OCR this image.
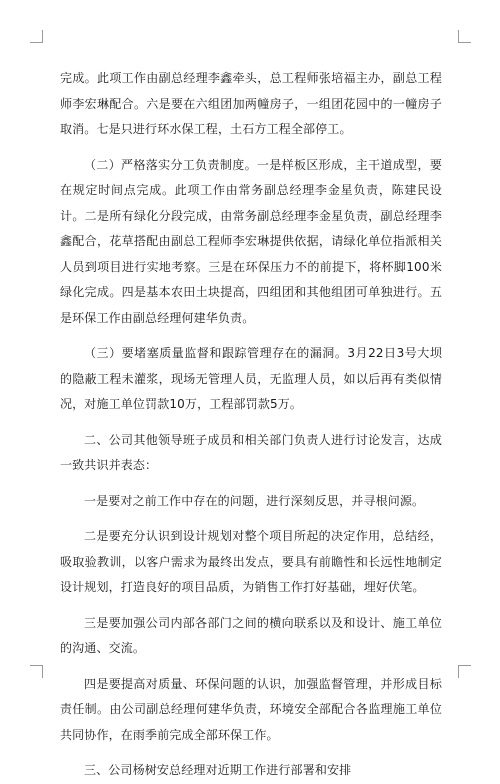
完成。此项工作由副总经理李鑫牵头，总工程师张培福主办，副总工程师李宏琳配合。六是要在六组团加两幢房子，一组团花园中的一幢房子取消。七是只进行环水保工程，土石方工程全部停工。

（二）严格落实分工负责制度。一是样板区形成，主干道成型，要在规定时间点完成。此项工作由常务副总经理李金星负责，陈建民设计。二是所有绿化分段完成，由常务副总经理李金星负责，副总经理李鑫配合，花草搭配由副总工程师李宏琳提供依据，请绿化单位指派相关人员到项目进行实地考察。三是在环保压力不的前提下，将杯脚100米绿化完成。四是基本农田土块提高，四组团和其他组团可单独进行。五是环保工作由副总经理何建华负责。

（三）要堵塞质量监督和跟踪管理存在的漏洞。3月22日3号大坝的隐蔽工程未灌浆，现场无管理人员，无监理人员，如以后再有类似情况，对施工单位罚款10万，工程部罚款5万。

二、公司其他领导班子成员和相关部门负责人进行讨论发言，达成一致共识并表态：

一是要对之前工作中存在的问题，进行深刻反思，并寻根问源。

二是要充分认识到设计规划对整个项目所起的决定作用，总结经，吸取验教训，以客户需求为最终出发点，要具有前瞻性和长远性地制定设计规划，打造良好的项目品质，为销售工作打好基础，埋好伏笔。

三是要加强公司内部各部门之间的横向联系以及和设计、施工单位的沟通、交流。

四是要提高对质量、环保问题的认识，加强监督管理，并形成目标责任制。由公司副总经理何建华负责，环境安全部配合各监理施工单位共同协作，在雨季前完成全部环保工作。

三、公司杨树安总经理对近期工作进行部署和安排
